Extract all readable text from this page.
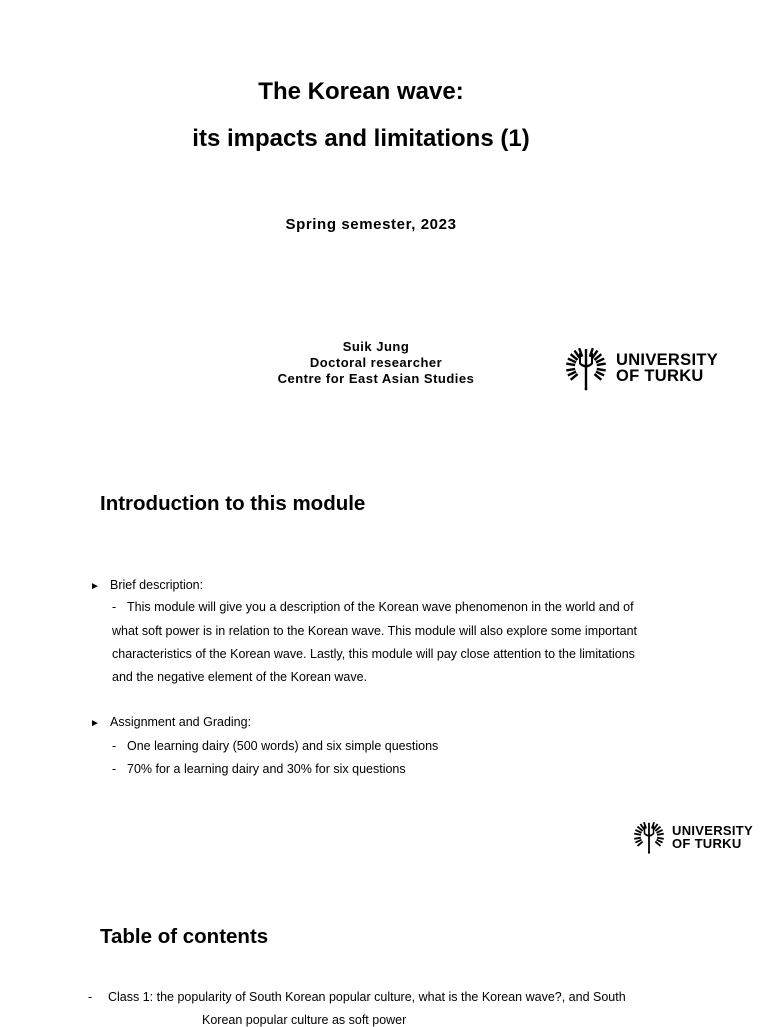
The Korean wave:
its impacts and limitations (1)
Spring semester, 2023
Suik Jung
Doctoral researcher
Centre for East Asian Studies
UNIVERSITY
OF TURKU
Introduction to this module
► Brief description:
- This module will give you a description of the Korean wave phenomenon in the world and of
what soft power is in relation to the Korean wave. This module will also explore some important
characteristics of the Korean wave. Lastly, this module will pay close attention to the limitations
and the negative element of the Korean wave.
► Assignment and Grading:
- One learning dairy (500 words) and six simple questions
- 70% for a learning dairy and 30% for six questions
UNIVERSITY
OF TURKU
Table of contents
- Class 1: the popularity of South Korean popular culture, what is the Korean wave?, and South
Korean popular culture as soft power
